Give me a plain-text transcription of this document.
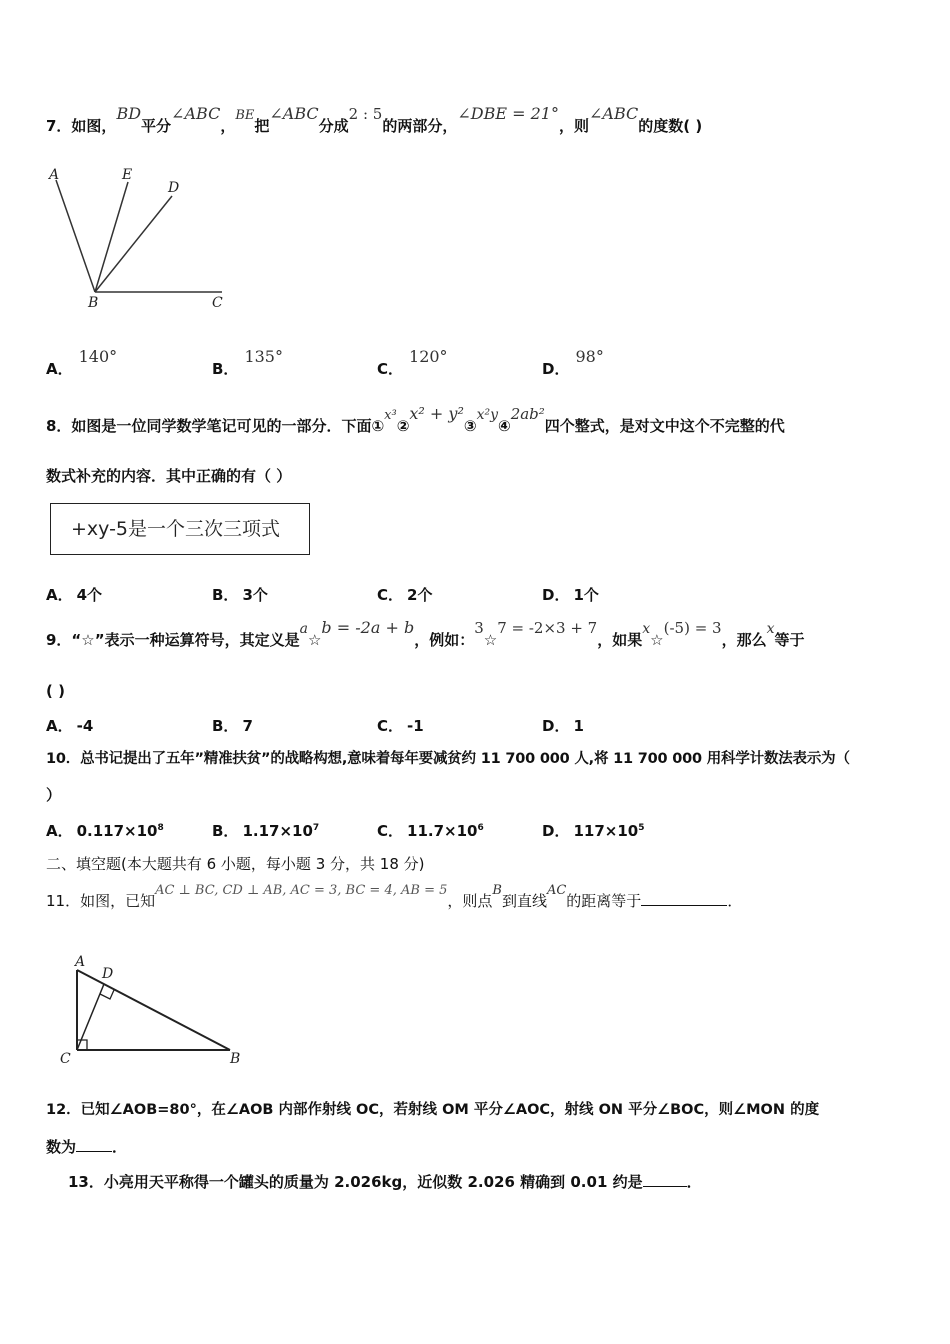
7．如图，BD平分∠ABC，BE把∠ABC分成2 : 5的两部分，∠DBE = 21°，则∠ABC的度数( )
A	E
D
B	C
A．140°
B．135°
C．120°
D．98°
8．如图是一位同学数学笔记可见的一部分．下面①x³②x² + y²③x²y④2ab²四个整式，是对文中这个不完整的代
数式补充的内容．其中正确的有（ ）
+xy-5是一个三次三项式
A． 4个	B． 3个	C． 2个	D． 1个
9．“☆”表示一种运算符号，其定义是a☆b = -2a + b，例如：3☆7 = -2×3 + 7，如果x☆(-5) = 3，那么x等于
( )
A． -4	B． 7	C． -1	D． 1
10．总书记提出了五年”精准扶贫”的战略构想,意味着每年要减贫约 11 700 000 人,将 11 700 000 用科学计数法表示为（
）
A． $0.117\times 10^8$	B． $1.17\times 10^7$	C． $11.7\times 10^6$	D． $117\times 10^5$
二、填空题(本大题共有 6 小题，每小题 3 分，共 18 分)
11．如图，已知AC ⊥ BC, CD ⊥ AB, AC = 3, BC = 4, AB = 5，则点B到直线AC的距离等于	．
A
D
C	B
12．已知∠AOB=80°，在∠AOB 内部作射线 OC，若射线 OM 平分∠AOC，射线 ON 平分∠BOC，则∠MON 的度
数为 ．
13．小亮用天平称得一个罐头的质量为 2.026kg，近似数 2.026 精确到 0.01 约是	．
